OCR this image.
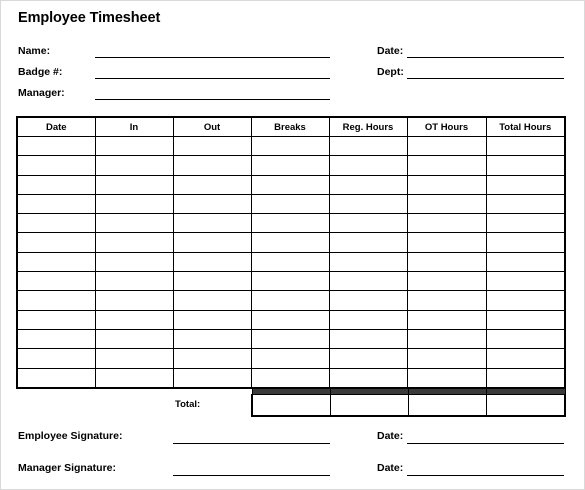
Employee Timesheet
Name:
Badge #:
Manager:
Date:
Dept:
Date	In	Out	Breaks	Reg. Hours	OT Hours	Total Hours

Total:

Employee Signature:	Date:
Manager Signature:	Date:
